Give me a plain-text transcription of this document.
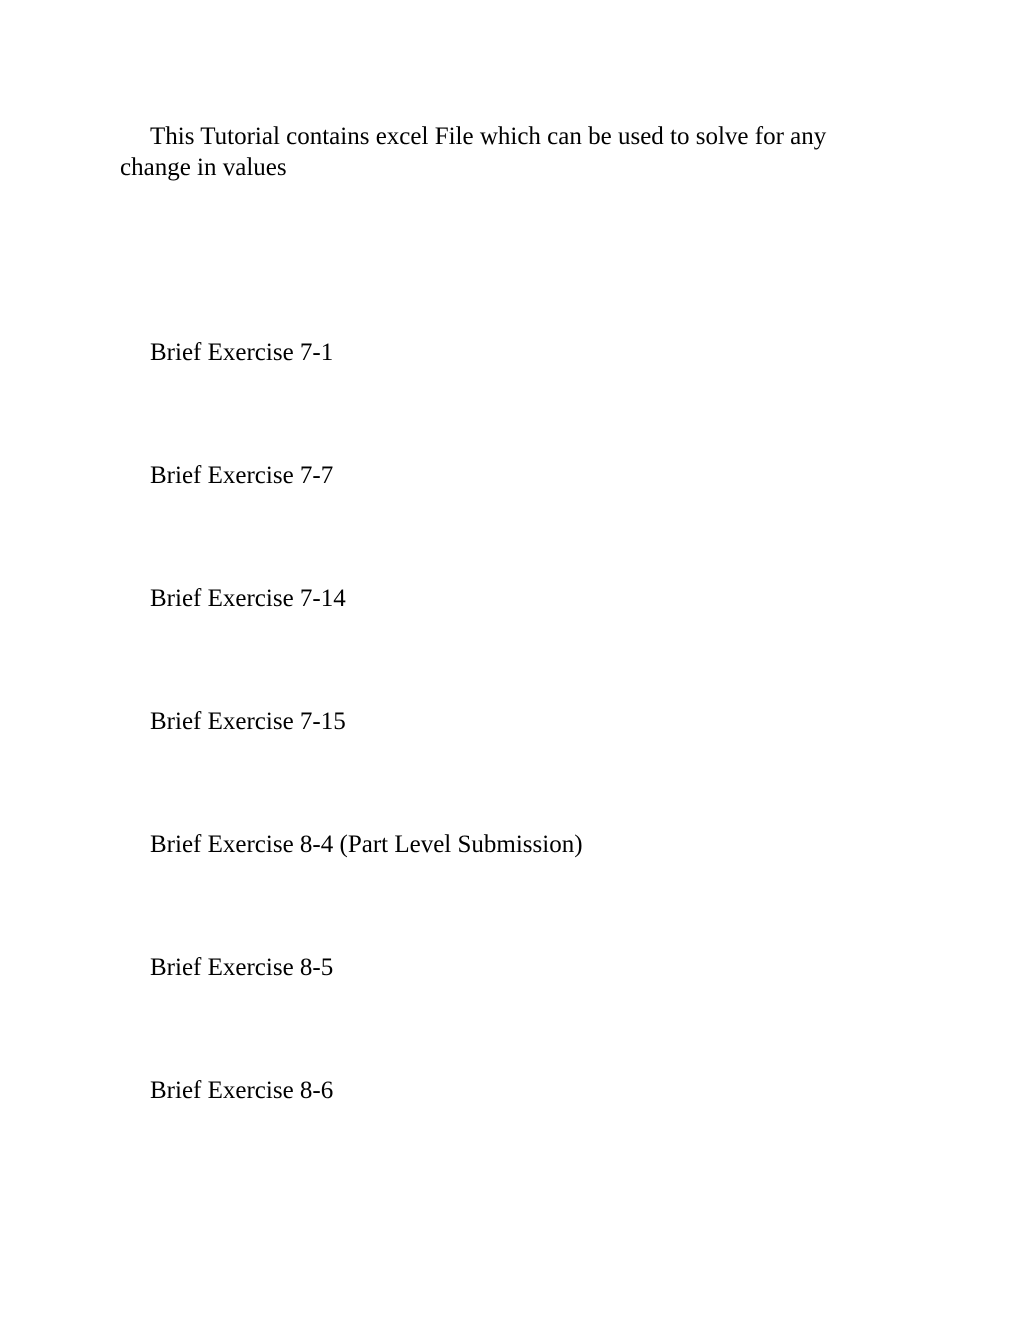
This Tutorial contains excel File which can be used to solve for any change in values

Brief Exercise 7-1
Brief Exercise 7-7
Brief Exercise 7-14
Brief Exercise 7-15
Brief Exercise 8-4 (Part Level Submission)
Brief Exercise 8-5
Brief Exercise 8-6
